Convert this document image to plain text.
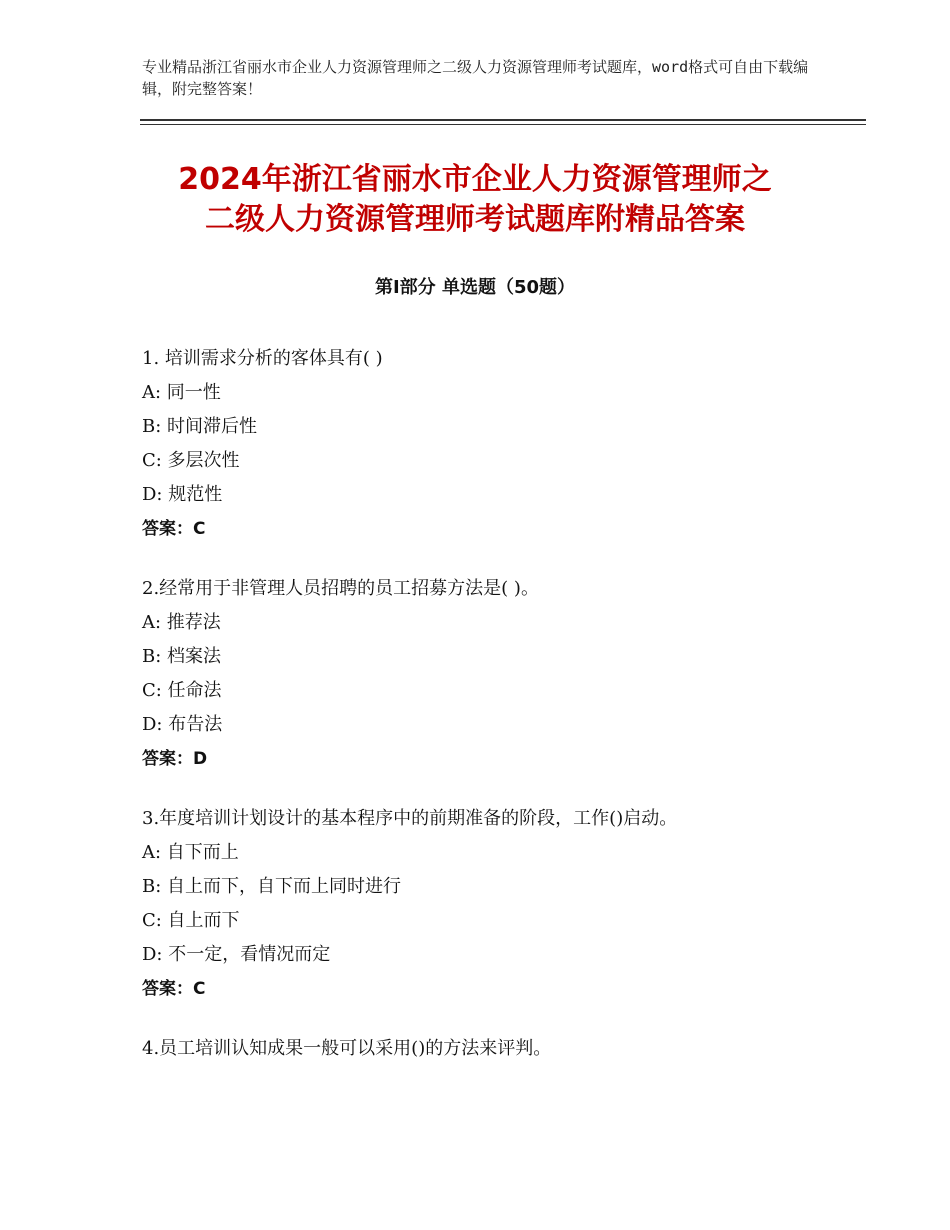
专业精品浙江省丽水市企业人力资源管理师之二级人力资源管理师考试题库，word格式可自由下载编辑，附完整答案！
2024年浙江省丽水市企业人力资源管理师之
二级人力资源管理师考试题库附精品答案
第Ⅰ部分 单选题（50题）
1. 培训需求分析的客体具有( )
A: 同一性
B: 时间滞后性
C: 多层次性
D: 规范性
答案：C
2.经常用于非管理人员招聘的员工招募方法是( )。
A: 推荐法
B: 档案法
C: 任命法
D: 布告法
答案：D
3.年度培训计划设计的基本程序中的前期准备的阶段，工作()启动。
A: 自下而上
B: 自上而下，自下而上同时进行
C: 自上而下
D: 不一定，看情况而定
答案：C
4.员工培训认知成果一般可以采用()的方法来评判。
